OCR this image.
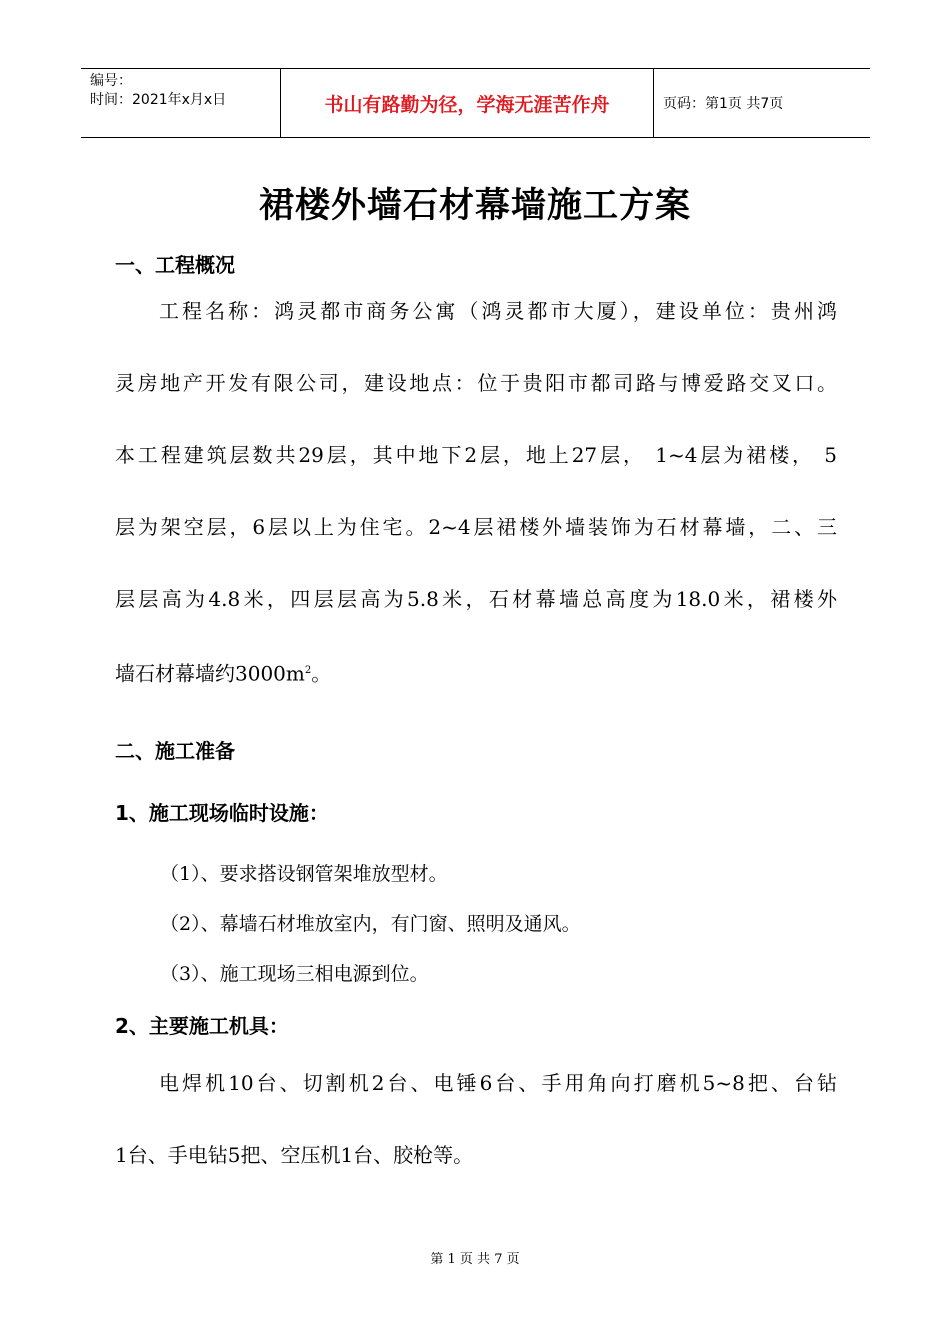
编号：
时间：2021年x月x日	书山有路勤为径，学海无涯苦作舟	页码：第1页 共7页
裙楼外墙石材幕墙施工方案
一、工程概况
工程名称：鸿灵都市商务公寓（鸿灵都市大厦），建设单位：贵州鸿
灵房地产开发有限公司，建设地点：位于贵阳市都司路与博爱路交叉口。
本工程建筑层数共29层，其中地下2层，地上27层， 1~4层为裙楼， 5
层为架空层，6层以上为住宅。2~4层裙楼外墙装饰为石材幕墙，二、三
层层高为4.8米，四层层高为5.8米，石材幕墙总高度为18.0米，裙楼外
墙石材幕墙约$3000m^2$。
二、施工准备
1、施工现场临时设施：
（1）、要求搭设钢管架堆放型材。
（2）、幕墙石材堆放室内，有门窗、照明及通风。
（3）、施工现场三相电源到位。
2、主要施工机具：
电焊机10台、切割机2台、电锤6台、手用角向打磨机5~8把、台钻
1台、手电钻5把、空压机1台、胶枪等。
第 1 页 共 7 页
